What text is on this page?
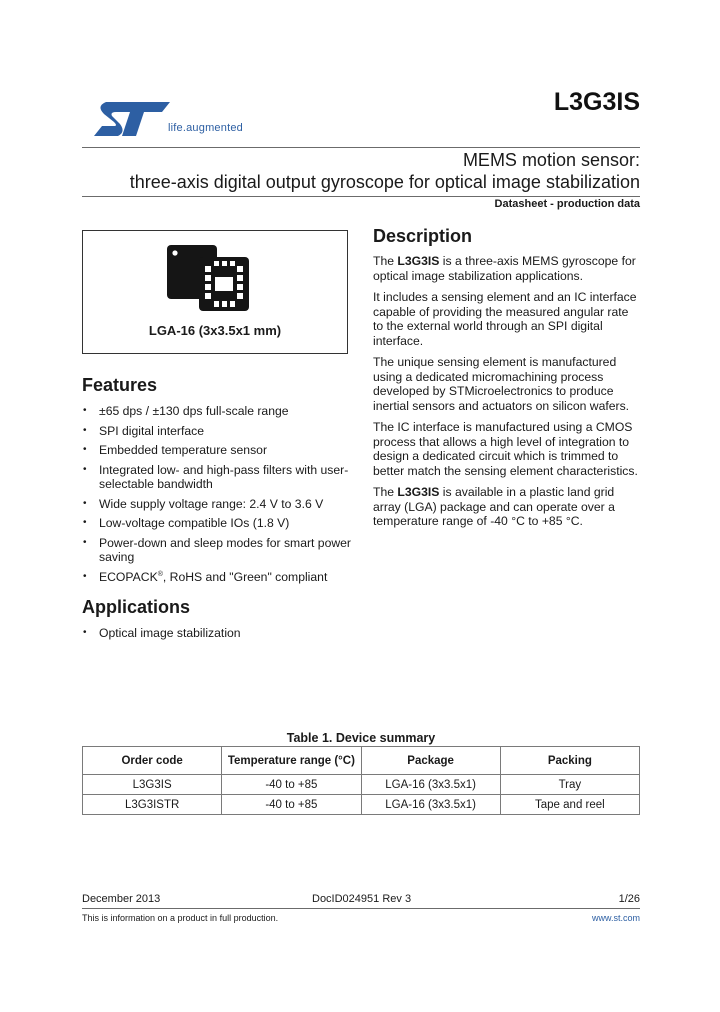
life.augmented
L3G3IS
MEMS motion sensor:
three-axis digital output gyroscope for optical image stabilization
Datasheet - production data
LGA-16 (3x3.5x1 mm)
Features
• ±65 dps / ±130 dps full-scale range
• SPI digital interface
• Embedded temperature sensor
• Integrated low- and high-pass filters with user-selectable bandwidth
• Wide supply voltage range: 2.4 V to 3.6 V
• Low-voltage compatible IOs (1.8 V)
• Power-down and sleep modes for smart power saving
• ECOPACK®, RoHS and "Green" compliant
Applications
• Optical image stabilization
Description

The L3G3IS is a three-axis MEMS gyroscope for optical image stabilization applications.

It includes a sensing element and an IC interface capable of providing the measured angular rate to the external world through an SPI digital interface.

The unique sensing element is manufactured using a dedicated micromachining process developed by STMicroelectronics to produce inertial sensors and actuators on silicon wafers.

The IC interface is manufactured using a CMOS process that allows a high level of integration to design a dedicated circuit which is trimmed to better match the sensing element characteristics.

The L3G3IS is available in a plastic land grid array (LGA) package and can operate over a temperature range of -40 °C to +85 °C.

Table 1. Device summary
Order code	Temperature range (°C)	Package	Packing
L3G3IS	-40 to +85	LGA-16 (3x3.5x1)	Tray
L3G3ISTR	-40 to +85	LGA-16 (3x3.5x1)	Tape and reel
December 2013	DocID024951 Rev 3	1/26
This is information on a product in full production.	www.st.com
